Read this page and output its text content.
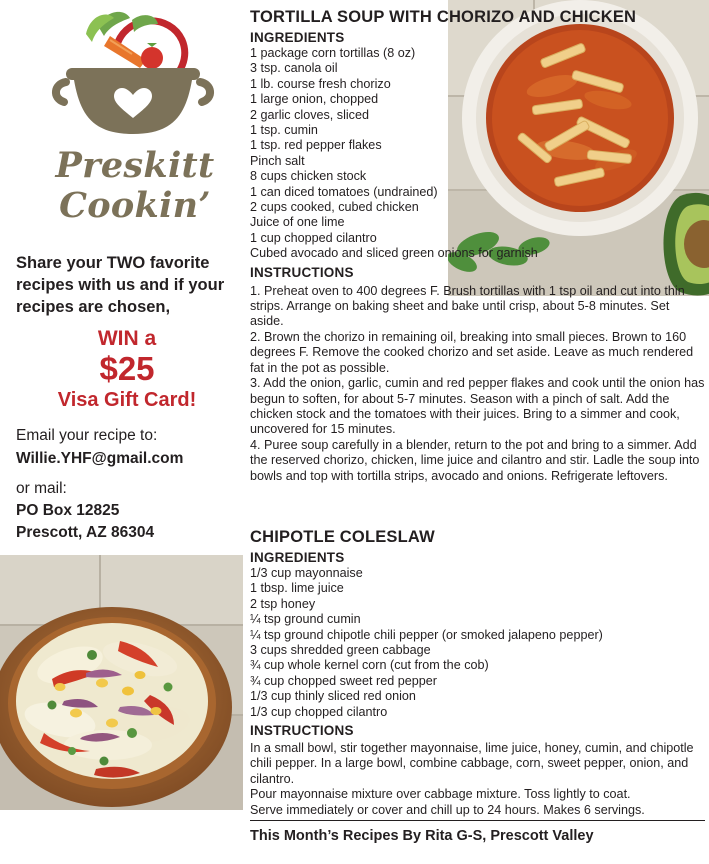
Preskitt
Cookin’

Share your TWO favorite recipes with us and if your recipes are chosen,

WIN a
$25
Visa Gift Card!

Email your recipe to:

Willie.YHF@gmail.com

or mail:

PO Box 12825

Prescott, AZ 86304

TORTILLA SOUP WITH CHORIZO AND CHICKEN
INGREDIENTS
1 package corn tortillas (8 oz)
3 tsp. canola oil
1 lb. course fresh chorizo
1 large onion, chopped
2 garlic cloves, sliced
1 tsp. cumin
1 tsp. red pepper flakes
Pinch salt
8 cups chicken stock
1 can diced tomatoes (undrained)
2 cups cooked, cubed chicken
Juice of one lime
1 cup chopped cilantro
Cubed avocado and sliced green onions for garnish
INSTRUCTIONS

1. Preheat oven to 400 degrees F. Brush tortillas with 1 tsp oil and cut into thin strips. Arrange on baking sheet and bake until crisp, about 5-8 minutes. Set aside.

2. Brown the chorizo in remaining oil, breaking into small pieces. Brown to 160 degrees F. Remove the cooked chorizo and set aside. Leave as much rendered fat in the pot as possible.

3. Add the onion, garlic, cumin and red pepper flakes and cook until the onion has begun to soften, for about 5-7 minutes. Season with a pinch of salt. Add the chicken stock and the tomatoes with their juices. Bring to a simmer and cook, uncovered for 15 minutes.

4. Puree soup carefully in a blender, return to the pot and bring to a simmer. Add the reserved chorizo, chicken, lime juice and cilantro and stir. Ladle the soup into bowls and top with tortilla strips, avocado and onions. Refrigerate leftovers.

CHIPOTLE COLESLAW
INGREDIENTS
1/3 cup mayonnaise
1 tbsp. lime juice
2 tsp honey
¼ tsp ground cumin
¼ tsp ground chipotle chili pepper (or smoked jalapeno pepper)
3 cups shredded green cabbage
¾ cup whole kernel corn (cut from the cob)
¾ cup chopped sweet red pepper
1/3 cup thinly sliced red onion
1/3 cup chopped cilantro
INSTRUCTIONS

In a small bowl, stir together mayonnaise, lime juice, honey, cumin, and chipotle chili pepper. In a large bowl, combine cabbage, corn, sweet pepper, onion, and cilantro.

Pour mayonnaise mixture over cabbage mixture. Toss lightly to coat.

Serve immediately or cover and chill up to 24 hours. Makes 6 servings.

This Month’s Recipes By Rita G-S, Prescott Valley
